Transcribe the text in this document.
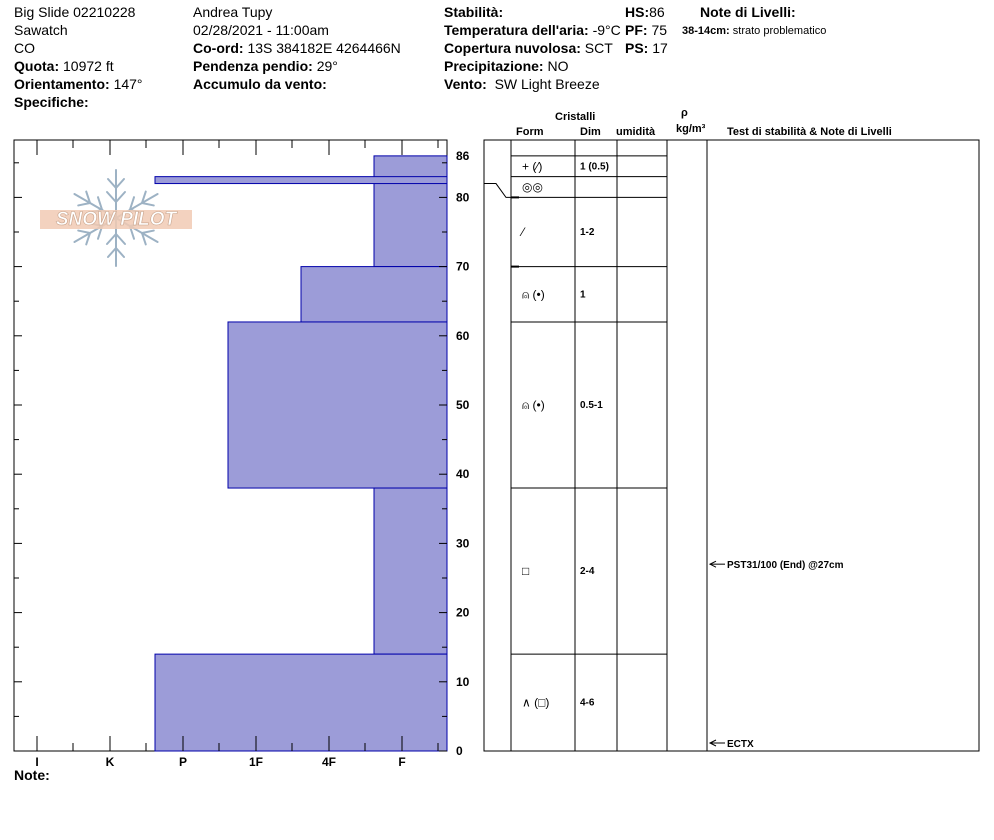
Big Slide 02210228
Sawatch
CO
Quota: 10972 ft
Orientamento: 147°
Specifiche:
Andrea Tupy
02/28/2021 - 11:00am
Co-ord: 13S 384182E 4264466N
Pendenza pendio: 29°
Accumulo da vento:
Stabilità:
Temperatura dell'aria: -9°C
Copertura nuvolosa: SCT
Precipitazione: NO
Vento: SW Light Breeze
HS:86
PF: 75
PS: 17
Note di Livelli:
38-14cm: strato problematico
Cristalli
Form	Dim umidità
ρ
kg/m³ Test di stabilità & Note di Livelli
SNOW PILOT
0
10
20
30
40
50
60
70
80
86
I	K	P	1F	4F	F
+ (⁄)	1 (0.5)
◎◎
⁄	1-2
⍝ (•)	1
⍝ (•)	0.5-1
□	2-4
∧ (□)	4-6
PST31/100 (End) @27cm
ECTX
Note:
